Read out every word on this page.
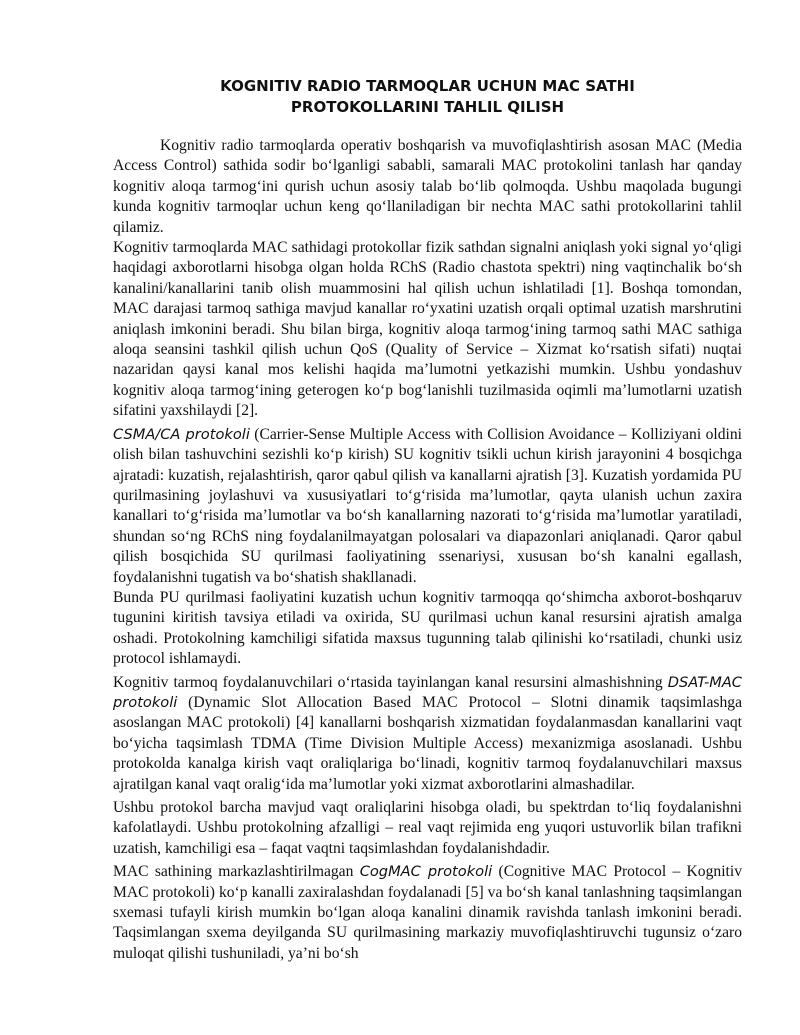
KOGNITIV RADIO TARMOQLAR UCHUN MAC SATHI
PROTOKOLLARINI TAHLIL QILISH

Kognitiv radio tarmoqlarda operativ boshqarish va muvofiqlashtirish asosan MAC (Media Access Control) sathida sodir bo‘lganligi sababli, samarali MAC protokolini tanlash har qanday kognitiv aloqa tarmog‘ini qurish uchun asosiy talab bo‘lib qolmoqda. Ushbu maqolada bugungi kunda kognitiv tarmoqlar uchun keng qo‘llaniladigan bir nechta MAC sathi protokollarini tahlil qilamiz.

Kognitiv tarmoqlarda MAC sathidagi protokollar fizik sathdan signalni aniqlash yoki signal yo‘qligi haqidagi axborotlarni hisobga olgan holda RChS (Radio chastota spektri) ning vaqtinchalik bo‘sh kanalini/kanallarini tanib olish muammosini hal qilish uchun ishlatiladi [1]. Boshqa tomondan, MAC darajasi tarmoq sathiga mavjud kanallar ro‘yxatini uzatish orqali optimal uzatish marshrutini aniqlash imkonini beradi. Shu bilan birga, kognitiv aloqa tarmog‘ining tarmoq sathi MAC sathiga aloqa seansini tashkil qilish uchun QoS (Quality of Service – Xizmat ko‘rsatish sifati) nuqtai nazaridan qaysi kanal mos kelishi haqida ma’lumotni yetkazishi mumkin. Ushbu yondashuv kognitiv aloqa tarmog‘ining geterogen ko‘p bog‘lanishli tuzilmasida oqimli ma’lumotlarni uzatish sifatini yaxshilaydi [2].

CSMA/CA protokoli (Carrier-Sense Multiple Access with Collision Avoidance – Kolliziyani oldini olish bilan tashuvchini sezishli ko‘p kirish) SU kognitiv tsikli uchun kirish jarayonini 4 bosqichga ajratadi: kuzatish, rejalashtirish, qaror qabul qilish va kanallarni ajratish [3]. Kuzatish yordamida PU qurilmasining joylashuvi va xususiyatlari to‘g‘risida ma’lumotlar, qayta ulanish uchun zaxira kanallari to‘g‘risida ma’lumotlar va bo‘sh kanallarning nazorati to‘g‘risida ma’lumotlar yaratiladi, shundan so‘ng RChS ning foydalanilmayatgan polosalari va diapazonlari aniqlanadi. Qaror qabul qilish bosqichida SU qurilmasi faoliyatining ssenariysi, xususan bo‘sh kanalni egallash, foydalanishni tugatish va bo‘shatish shakllanadi.

Bunda PU qurilmasi faoliyatini kuzatish uchun kognitiv tarmoqqa qo‘shimcha axborot-boshqaruv tugunini kiritish tavsiya etiladi va oxirida, SU qurilmasi uchun kanal resursini ajratish amalga oshadi. Protokolning kamchiligi sifatida maxsus tugunning talab qilinishi ko‘rsatiladi, chunki usiz protocol ishlamaydi.

Kognitiv tarmoq foydalanuvchilari o‘rtasida tayinlangan kanal resursini almashishning DSAT-MAC protokoli (Dynamic Slot Allocation Based MAC Protocol – Slotni dinamik taqsimlashga asoslangan MAC protokoli) [4] kanallarni boshqarish xizmatidan foydalanmasdan kanallarini vaqt bo‘yicha taqsimlash TDMA (Time Division Multiple Access) mexanizmiga asoslanadi. Ushbu protokolda kanalga kirish vaqt oraliqlariga bo‘linadi, kognitiv tarmoq foydalanuvchilari maxsus ajratilgan kanal vaqt oralig‘ida ma’lumotlar yoki xizmat axborotlarini almashadilar.

Ushbu protokol barcha mavjud vaqt oraliqlarini hisobga oladi, bu spektrdan to‘liq foydalanishni kafolatlaydi. Ushbu protokolning afzalligi – real vaqt rejimida eng yuqori ustuvorlik bilan trafikni uzatish, kamchiligi esa – faqat vaqtni taqsimlashdan foydalanishdadir.

MAC sathining markazlashtirilmagan CogMAC protokoli (Cognitive MAC Protocol – Kognitiv MAC protokoli) ko‘p kanalli zaxiralashdan foydalanadi [5] va bo‘sh kanal tanlashning taqsimlangan sxemasi tufayli kirish mumkin bo‘lgan aloqa kanalini dinamik ravishda tanlash imkonini beradi. Taqsimlangan sxema deyilganda SU qurilmasining markaziy muvofiqlashtiruvchi tugunsiz o‘zaro muloqat qilishi tushuniladi, ya’ni bo‘sh
